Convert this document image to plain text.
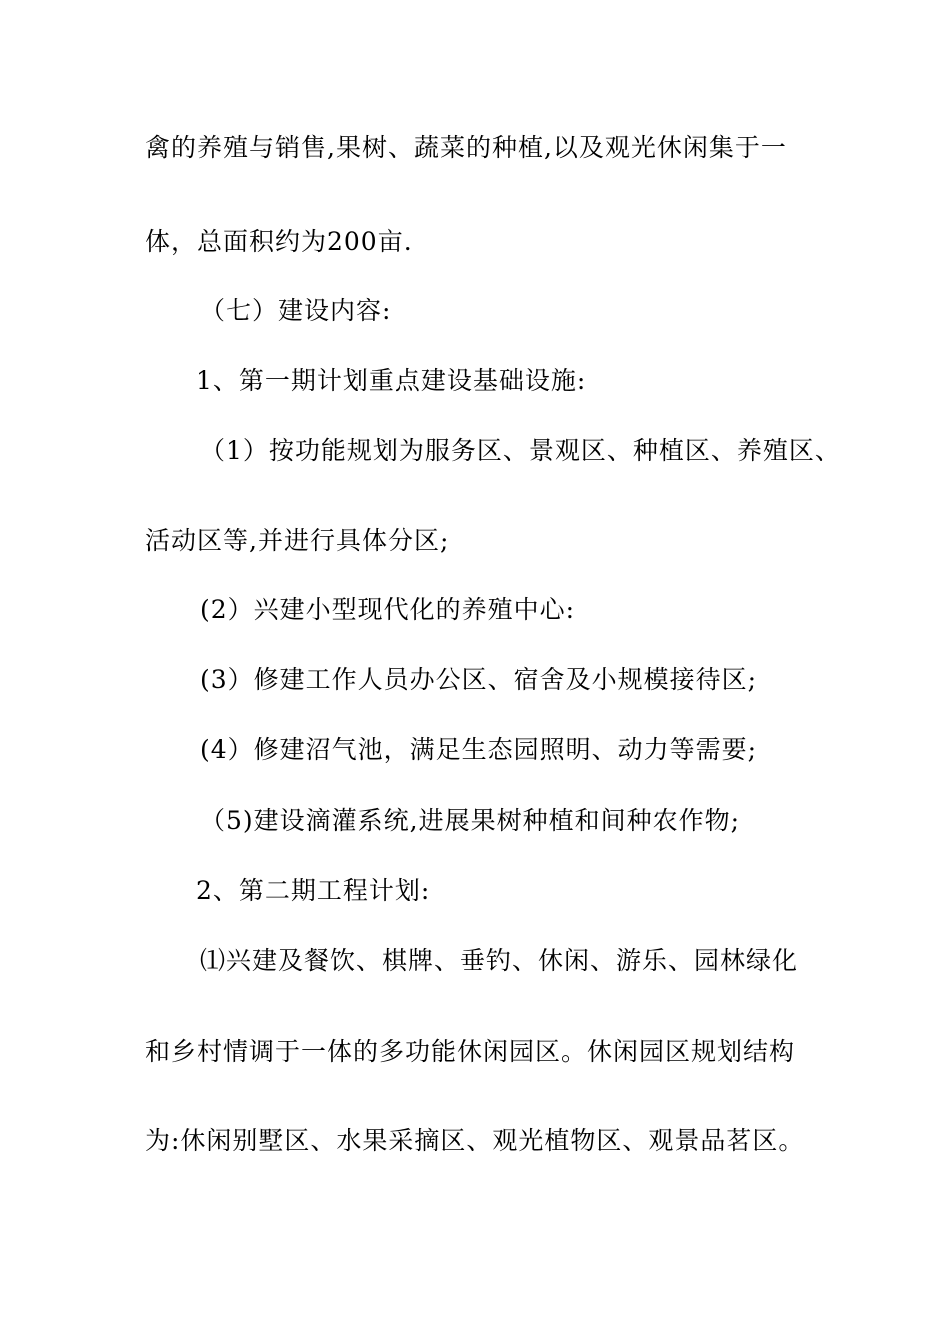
禽的养殖与销售,果树、蔬菜的种植,以及观光休闲集于一
体，总面积约为200亩.
（七）建设内容:
1、第一期计划重点建设基础设施:
（1）按功能规划为服务区、景观区、种植区、养殖区、
活动区等,并进行具体分区;
(2）兴建小型现代化的养殖中心:
(3）修建工作人员办公区、宿舍及小规模接待区;
(4）修建沼气池，满足生态园照明、动力等需要;
（5)建设滴灌系统,进展果树种植和间种农作物;
2、第二期工程计划:
⑴兴建及餐饮、棋牌、垂钓、休闲、游乐、园林绿化
和乡村情调于一体的多功能休闲园区。休闲园区规划结构
为:休闲别墅区、水果采摘区、观光植物区、观景品茗区。
